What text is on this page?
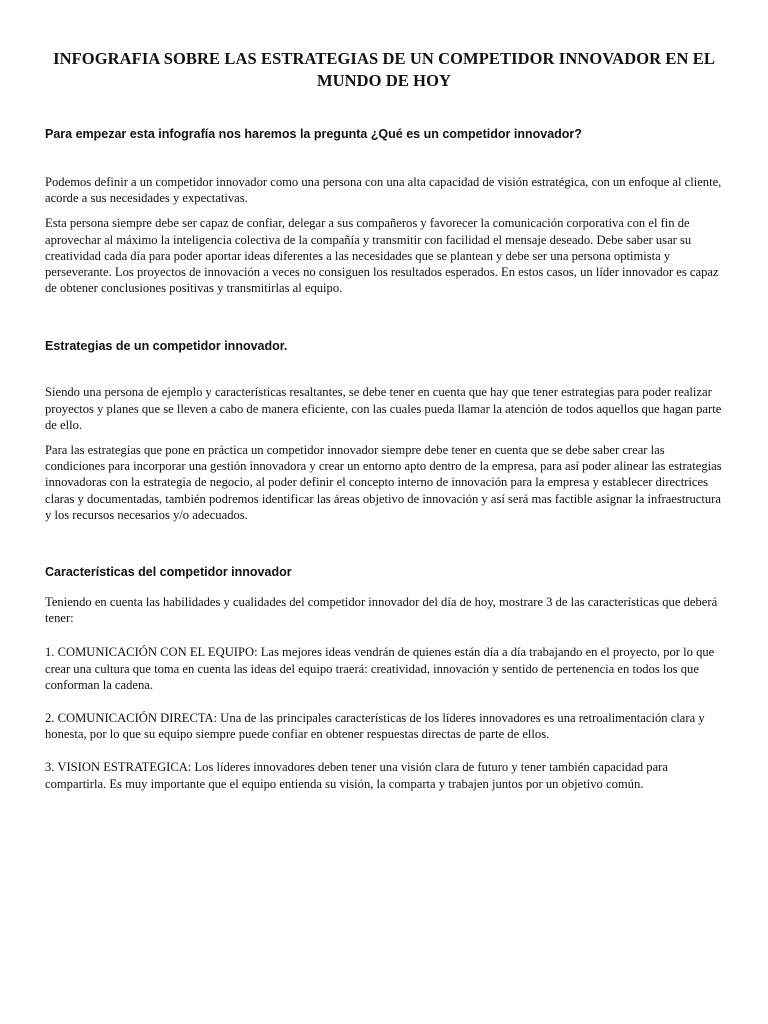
INFOGRAFIA SOBRE LAS ESTRATEGIAS DE UN COMPETIDOR INNOVADOR EN EL MUNDO DE HOY
Para empezar esta infografía nos haremos la pregunta ¿Qué es un competidor innovador?

Podemos definir a un competidor innovador como una persona con una alta capacidad de visión estratégica, con un enfoque al cliente, acorde a sus necesidades y expectativas.

Esta persona siempre debe ser capaz de confiar, delegar a sus compañeros y favorecer la comunicación corporativa con el fin de aprovechar al máximo la inteligencia colectiva de la compañía y transmitir con facilidad el mensaje deseado. Debe saber usar su creatividad cada día para poder aportar ideas diferentes a las necesidades que se plantean y debe ser una persona optimista y perseverante. Los proyectos de innovación a veces no consiguen los resultados esperados. En estos casos, un líder innovador es capaz de obtener conclusiones positivas y transmitirlas al equipo.

Estrategias de un competidor innovador.

Siendo una persona de ejemplo y características resaltantes, se debe tener en cuenta que hay que tener estrategias para poder realizar proyectos y planes que se lleven a cabo de manera eficiente, con las cuales pueda llamar la atención de todos aquellos que hagan parte de ello.

Para las estrategias que pone en práctica un competidor innovador siempre debe tener en cuenta que se debe saber crear las condiciones para incorporar una gestión innovadora y crear un entorno apto dentro de la empresa, para así poder alinear las estrategias innovadoras con la estrategia de negocio, al poder definir el concepto interno de innovación para la empresa y establecer directrices claras y documentadas, también podremos identificar las áreas objetivo de innovación y así será mas factible asignar la infraestructura y los recursos necesarios y/o adecuados.

Características del competidor innovador

Teniendo en cuenta las habilidades y cualidades del competidor innovador del día de hoy, mostrare 3 de las características que deberá tener:

1. COMUNICACIÓN CON EL EQUIPO: Las mejores ideas vendrán de quienes están día a día trabajando en el proyecto, por lo que crear una cultura que toma en cuenta las ideas del equipo traerá: creatividad, innovación y sentido de pertenencia en todos los que conforman la cadena.

2. COMUNICACIÓN DIRECTA: Una de las principales características de los líderes innovadores es una retroalimentación clara y honesta, por lo que su equipo siempre puede confiar en obtener respuestas directas de parte de ellos.

3. VISION ESTRATEGICA: Los líderes innovadores deben tener una visión clara de futuro y tener también capacidad para compartirla. Es muy importante que el equipo entienda su visión, la comparta y trabajen juntos por un objetivo común.
